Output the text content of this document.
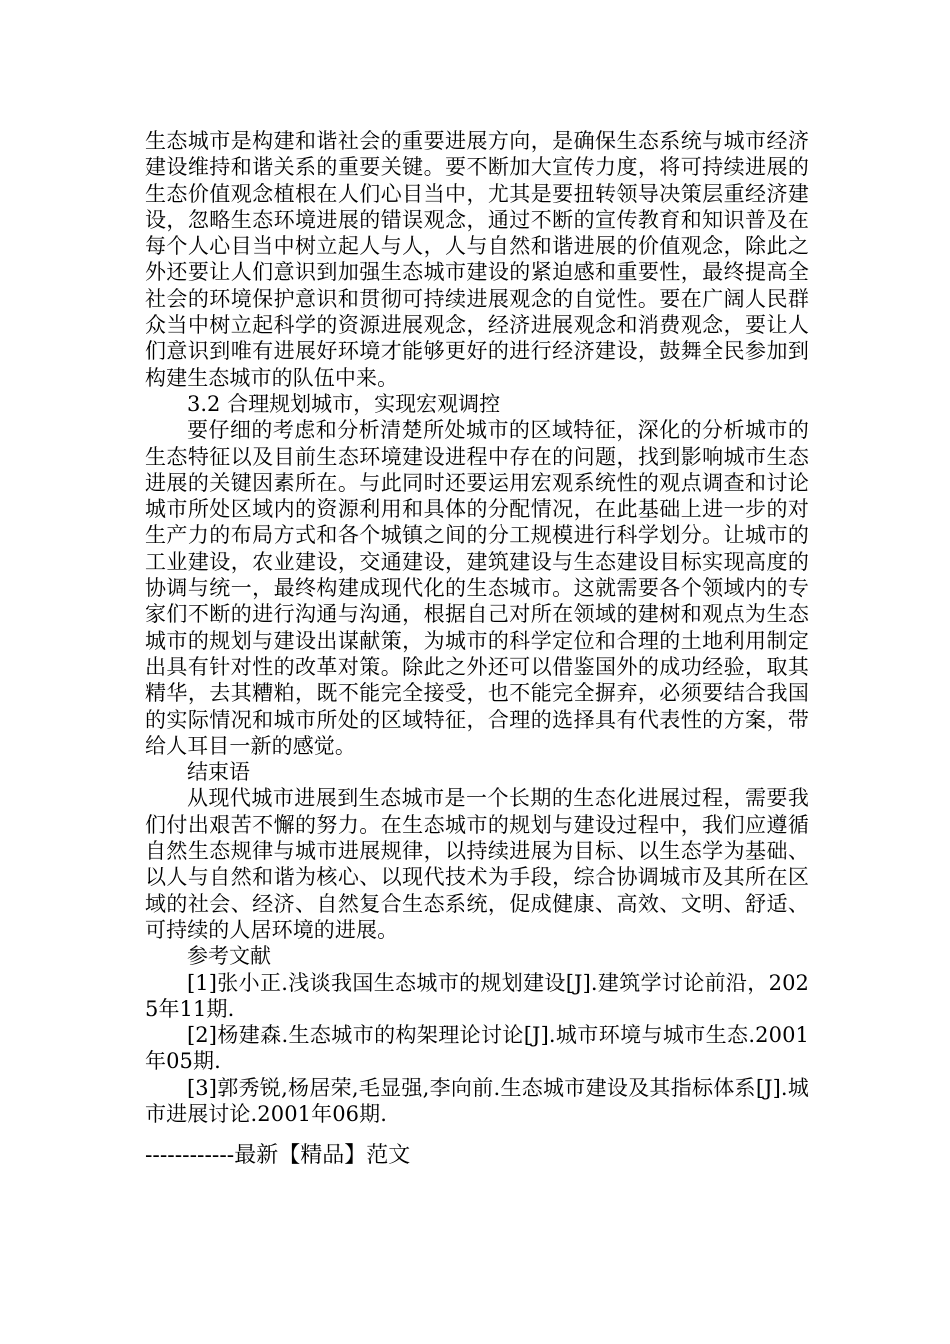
生态城市是构建和谐社会的重要进展方向，是确保生态系统与城市经济建设维持和谐关系的重要关键。要不断加大宣传力度，将可持续进展的生态价值观念植根在人们心目当中，尤其是要扭转领导决策层重经济建设，忽略生态环境进展的错误观念，通过不断的宣传教育和知识普及在每个人心目当中树立起人与人，人与自然和谐进展的价值观念，除此之外还要让人们意识到加强生态城市建设的紧迫感和重要性，最终提高全社会的环境保护意识和贯彻可持续进展观念的自觉性。要在广阔人民群众当中树立起科学的资源进展观念，经济进展观念和消费观念，要让人们意识到唯有进展好环境才能够更好的进行经济建设，鼓舞全民参加到构建生态城市的队伍中来。

3.2 合理规划城市，实现宏观调控

要仔细的考虑和分析清楚所处城市的区域特征，深化的分析城市的生态特征以及目前生态环境建设进程中存在的问题，找到影响城市生态进展的关键因素所在。与此同时还要运用宏观系统性的观点调查和讨论城市所处区域内的资源利用和具体的分配情况，在此基础上进一步的对生产力的布局方式和各个城镇之间的分工规模进行科学划分。让城市的工业建设，农业建设，交通建设，建筑建设与生态建设目标实现高度的协调与统一，最终构建成现代化的生态城市。这就需要各个领域内的专家们不断的进行沟通与沟通，根据自己对所在领域的建树和观点为生态城市的规划与建设出谋献策，为城市的科学定位和合理的土地利用制定出具有针对性的改革对策。除此之外还可以借鉴国外的成功经验，取其精华，去其糟粕，既不能完全接受，也不能完全摒弃，必须要结合我国的实际情况和城市所处的区域特征，合理的选择具有代表性的方案，带给人耳目一新的感觉。

结束语

从现代城市进展到生态城市是一个长期的生态化进展过程，需要我们付出艰苦不懈的努力。在生态城市的规划与建设过程中，我们应遵循自然生态规律与城市进展规律，以持续进展为目标、以生态学为基础、以人与自然和谐为核心、以现代技术为手段，综合协调城市及其所在区域的社会、经济、自然复合生态系统，促成健康、高效、文明、舒适、可持续的人居环境的进展。

参考文献

[1]张小正.浅谈我国生态城市的规划建设[J].建筑学讨论前沿，2025年11期.

[2]杨建森.生态城市的构架理论讨论[J].城市环境与城市生态.2001年05期.

[3]郭秀锐,杨居荣,毛显强,李向前.生态城市建设及其指标体系[J].城市进展讨论.2001年06期.

------------最新【精品】范文
